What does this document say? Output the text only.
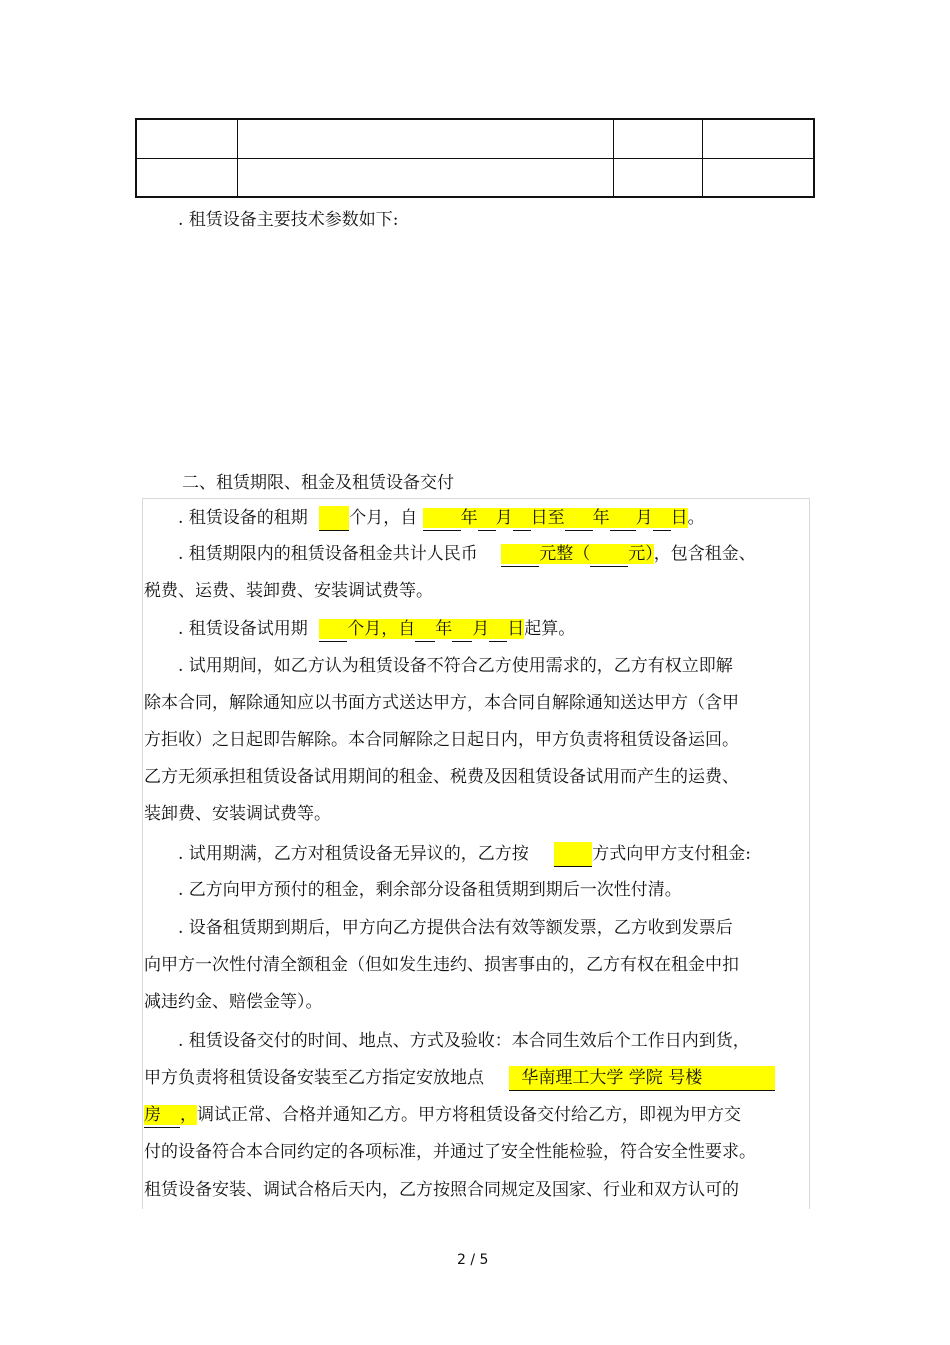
. 租赁设备主要技术参数如下:
二、租赁期限、租金及租赁设备交付
. 租赁设备的租期 个月，自	年 月 日至 年 月 日。
. 租赁期限内的租赁设备租金共计人民币	元整（ 元），包含租金、
税费、运费、装卸费、安装调试费等。
. 租赁设备试用期 个月，自 年 月 日起算。
. 试用期间，如乙方认为租赁设备不符合乙方使用需求的，乙方有权立即解
除本合同，解除通知应以书面方式送达甲方，本合同自解除通知送达甲方（含甲
方拒收）之日起即告解除。本合同解除之日起日内，甲方负责将租赁设备运回。
乙方无须承担租赁设备试用期间的租金、税费及因租赁设备试用而产生的运费、
装卸费、安装调试费等。
. 试用期满，乙方对租赁设备无异议的，乙方按	方式向甲方支付租金:
. 乙方向甲方预付的租金，剩余部分设备租赁期到期后一次性付清。
. 设备租赁期到期后，甲方向乙方提供合法有效等额发票，乙方收到发票后
向甲方一次性付清全额租金（但如发生违约、损害事由的，乙方有权在租金中扣
减违约金、赔偿金等）。
. 租赁设备交付的时间、地点、方式及验收：本合同生效后个工作日内到货，
甲方负责将租赁设备安装至乙方指定安放地点 华南理工大学 学院 号楼
房 ，调试正常、合格并通知乙方。甲方将租赁设备交付给乙方，即视为甲方交
付的设备符合本合同约定的各项标准，并通过了安全性能检验，符合安全性要求。
租赁设备安装、调试合格后天内，乙方按照合同规定及国家、行业和双方认可的
2 / 5
